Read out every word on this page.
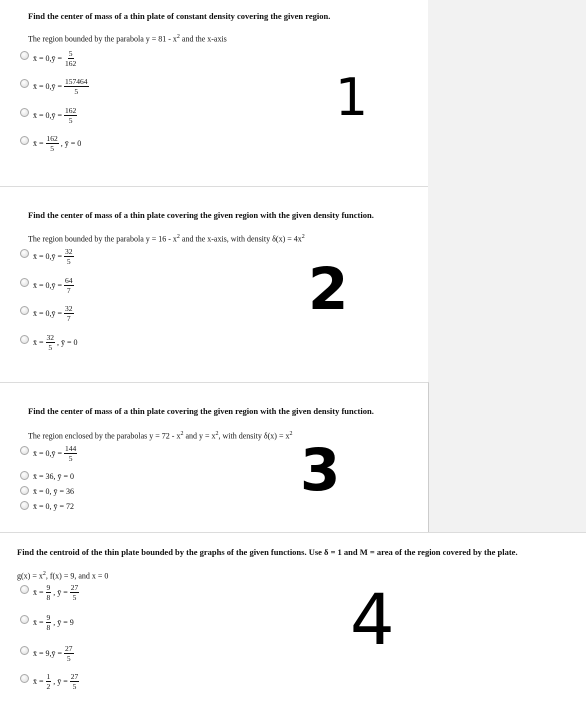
Find the center of mass of a thin plate of constant density covering the given region.
The region bounded by the parabola $y = 81 - x^2$ and the x-axis
x̄ = 0, ȳ = $\frac{5}{162}$
x̄ = 0, ȳ = $\frac{157464}{5}$
x̄ = 0, ȳ = $\frac{162}{5}$
x̄ = $\frac{162}{5}$ , ȳ = 0
1
Find the center of mass of a thin plate covering the given region with the given density function.
The region bounded by the parabola $y = 16 - x^2$ and the x-axis, with density $\delta(x) = 4x^2$
x̄ = 0, ȳ = $\frac{32}{5}$
x̄ = 0, ȳ = $\frac{64}{7}$
x̄ = 0, ȳ = $\frac{32}{7}$
x̄ = $\frac{32}{5}$ , ȳ = 0
2
Find the center of mass of a thin plate covering the given region with the given density function.
The region enclosed by the parabolas $y = 72 - x^2$ and $y = x^2$, with density $\delta(x) = x^2$
x̄ = 0, ȳ = $\frac{144}{5}$
x̄ = 36, ȳ = 0
x̄ = 0, ȳ = 36
x̄ = 0, ȳ = 72
3
Find the centroid of the thin plate bounded by the graphs of the given functions. Use δ = 1 and M = area of the region covered by the plate.
$g(x) = x^2$, f(x) = 9, and x = 0
x̄ = $\frac{9}{8}$ , ȳ = $\frac{27}{5}$
x̄ = $\frac{9}{8}$ , ȳ = 9
x̄ = 9, ȳ = $\frac{27}{5}$
x̄ = $\frac{1}{2}$ , ȳ = $\frac{27}{5}$
4
